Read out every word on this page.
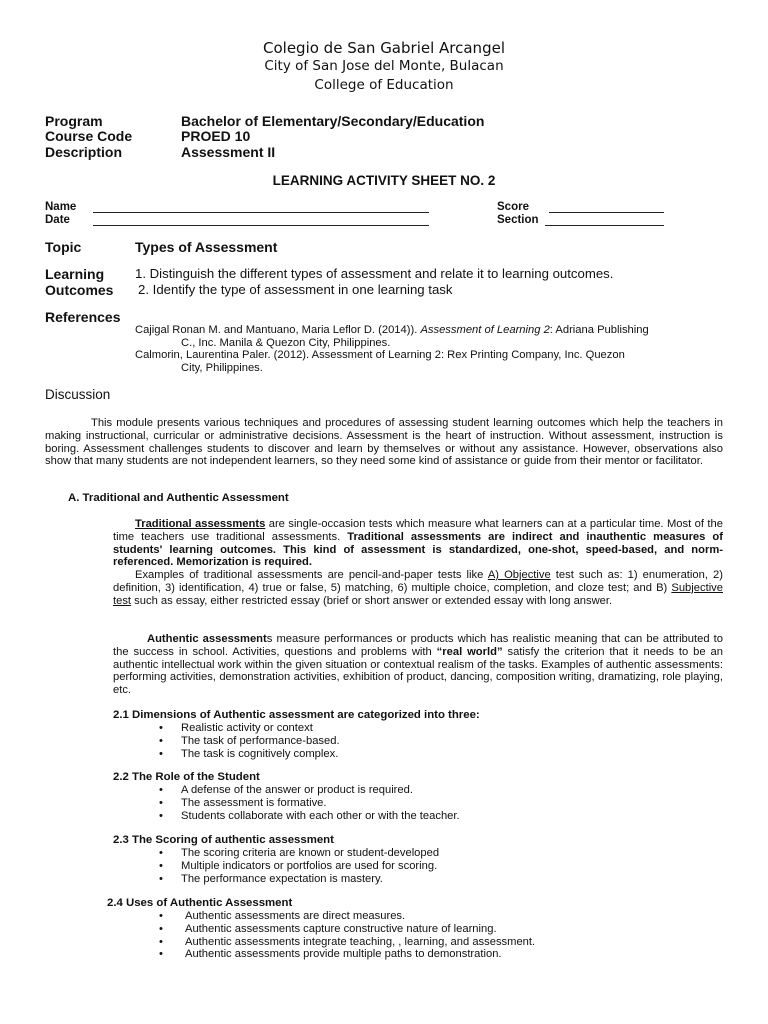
Colegio de San Gabriel Arcangel
City of San Jose del Monte, Bulacan
College of Education
Program	Bachelor of Elementary/Secondary/Education
Course Code	PROED 10
Description	Assessment II
LEARNING ACTIVITY SHEET NO. 2
Name
Date
Score
Section
Topic	Types of Assessment
Learning
Outcomes
1. Distinguish the different types of assessment and relate it to learning outcomes.
2. Identify the type of assessment in one learning task
References
Cajigal Ronan M. and Mantuano, Maria Leflor D. (2014)). Assessment of Learning 2: Adriana Publishing
C., Inc. Manila & Quezon City, Philippines.
Calmorin, Laurentina Paler. (2012). Assessment of Learning 2: Rex Printing Company, Inc. Quezon
City, Philippines.
Discussion
This module presents various techniques and procedures of assessing student learning outcomes which help the teachers in making instructional, curricular or administrative decisions. Assessment is the heart of instruction. Without assessment, instruction is boring. Assessment challenges students to discover and learn by themselves or without any assistance. However, observations also show that many students are not independent learners, so they need some kind of assistance or guide from their mentor or facilitator.
A. Traditional and Authentic Assessment
Traditional assessments are single-occasion tests which measure what learners can at a particular time. Most of the time teachers use traditional assessments. Traditional assessments are indirect and inauthentic measures of students' learning outcomes. This kind of assessment is standardized, one-shot, speed-based, and norm-referenced. Memorization is required.
Examples of traditional assessments are pencil-and-paper tests like A) Objective test such as: 1) enumeration, 2) definition, 3) identification, 4) true or false, 5) matching, 6) multiple choice, completion, and cloze test; and B) Subjective test such as essay, either restricted essay (brief or short answer or extended essay with long answer.
Authentic assessments measure performances or products which has realistic meaning that can be attributed to the success in school. Activities, questions and problems with “real world” satisfy the criterion that it needs to be an authentic intellectual work within the given situation or contextual realism of the tasks. Examples of authentic assessments: performing activities, demonstration activities, exhibition of product, dancing, composition writing, dramatizing, role playing, etc.
2.1 Dimensions of Authentic assessment are categorized into three:
• Realistic activity or context
• The task of performance-based.
• The task is cognitively complex.
2.2 The Role of the Student
• A defense of the answer or product is required.
• The assessment is formative.
• Students collaborate with each other or with the teacher.
2.3 The Scoring of authentic assessment
• The scoring criteria are known or student-developed
• Multiple indicators or portfolios are used for scoring.
• The performance expectation is mastery.
2.4 Uses of Authentic Assessment
• Authentic assessments are direct measures.
• Authentic assessments capture constructive nature of learning.
• Authentic assessments integrate teaching, , learning, and assessment.
• Authentic assessments provide multiple paths to demonstration.
